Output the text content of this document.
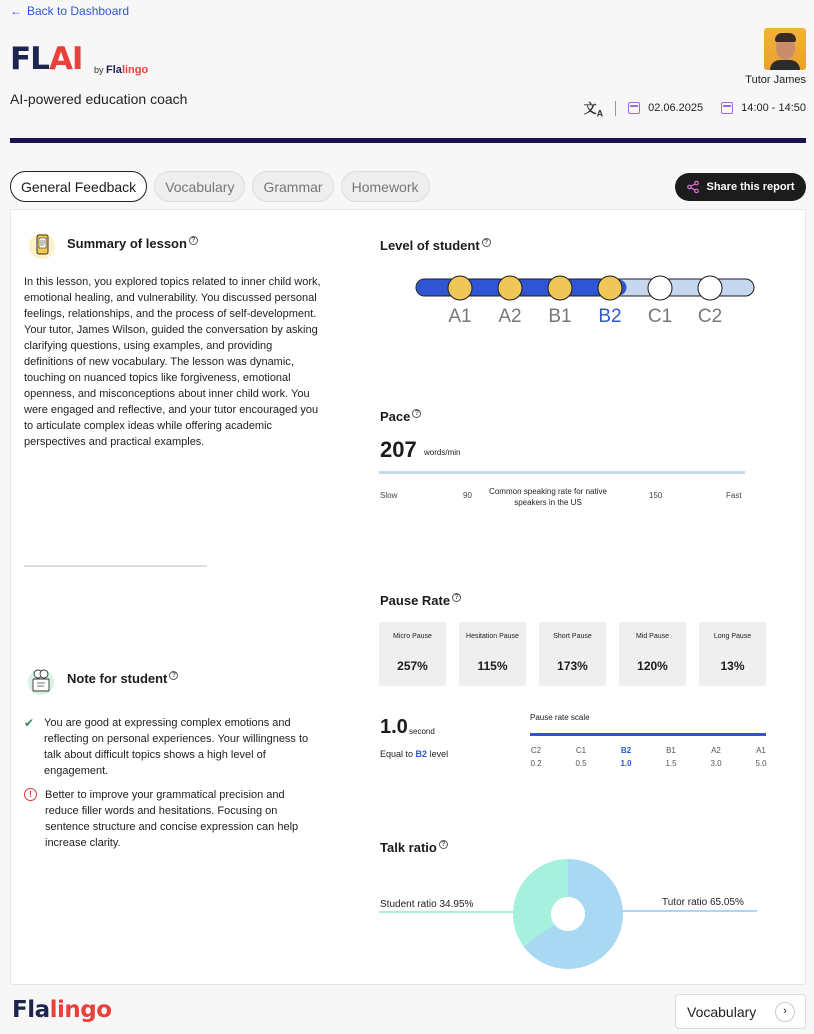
← Back to Dashboard
FLAI by Flalingo
AI-powered education coach
Tutor James
文$_A$	02.06.2025	14:00 - 14:50
General Feedback	Vocabulary	Grammar	Homework	Share this report
Summary of lesson ?
In this lesson, you explored topics related to inner child work, emotional healing, and vulnerability. You discussed personal feelings, relationships, and the process of self-development. Your tutor, James Wilson, guided the conversation by asking clarifying questions, using examples, and providing definitions of new vocabulary. The lesson was dynamic, touching on nuanced topics like forgiveness, emotional openness, and misconceptions about inner child work. You were engaged and reflective, and your tutor encouraged you to articulate complex ideas while offering academic perspectives and practical examples.
Note for student ?
✔ You are good at expressing complex emotions and reflecting on personal experiences. Your willingness to talk about difficult topics shows a high level of engagement.
!	Better to improve your grammatical precision and reduce filler words and hesitations. Focusing on sentence structure and concise expression can help increase clarity.
Level of student ?
A1 A2 B1 B2 C1 C2
Pace ?
207 words/min
Slow	90	Common speaking rate for native speakers in the US
150	Fast
Pause Rate ?
Micro Pause
257%
Hesitation Pause
115%
Short Pause
173%
Mid Pause
120%
Long Pause
13%
1.0 second
Equal to B2 level
Pause rate scale
C2
0.2
C1
0.5
B2
1.0
B1
1.5
A2
3.0
A1
5.0
Talk ratio ?
Student ratio 34.95%	Tutor ratio 65.05%
Flalingo	Vocabulary	›
